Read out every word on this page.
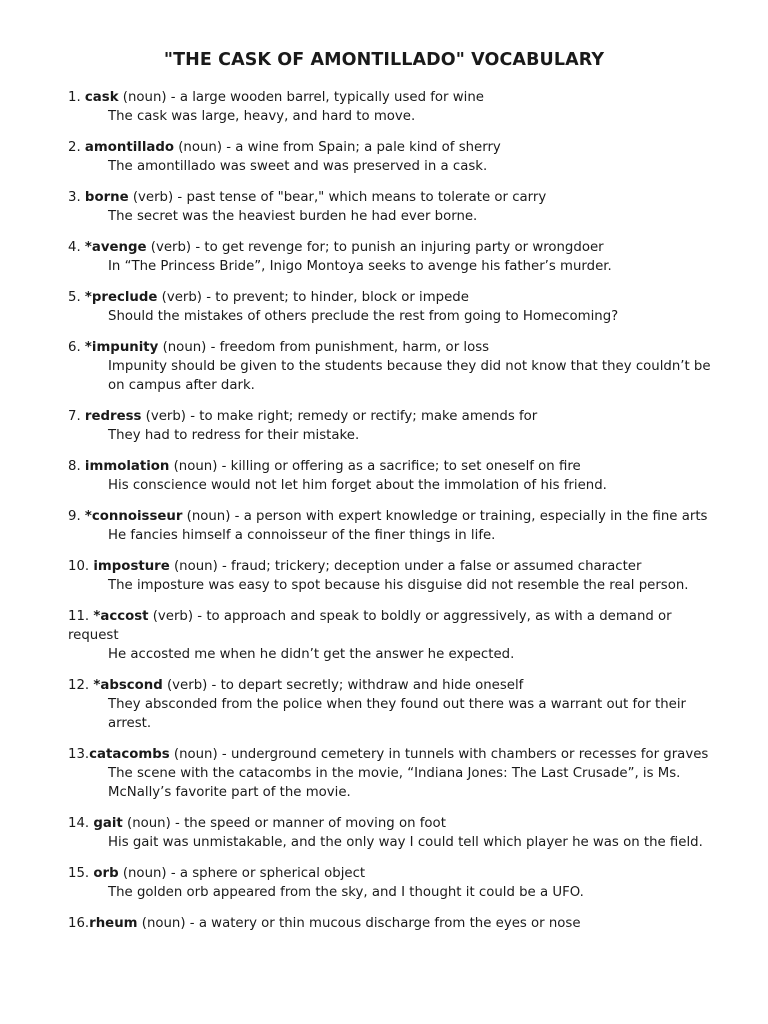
"THE CASK OF AMONTILLADO" VOCABULARY
1. cask (noun) - a large wooden barrel, typically used for wine
The cask was large, heavy, and hard to move.
2. amontillado (noun) - a wine from Spain; a pale kind of sherry
The amontillado was sweet and was preserved in a cask.
3. borne (verb) - past tense of "bear," which means to tolerate or carry
The secret was the heaviest burden he had ever borne.
4. *avenge (verb) - to get revenge for; to punish an injuring party or wrongdoer
In “The Princess Bride”, Inigo Montoya seeks to avenge his father’s murder.
5. *preclude (verb) - to prevent; to hinder, block or impede
Should the mistakes of others preclude the rest from going to Homecoming?
6. *impunity (noun) - freedom from punishment, harm, or loss
Impunity should be given to the students because they did not know that they couldn’t be on campus after dark.
7. redress (verb) - to make right; remedy or rectify; make amends for
They had to redress for their mistake.
8. immolation (noun) - killing or offering as a sacrifice; to set oneself on fire
His conscience would not let him forget about the immolation of his friend.
9. *connoisseur (noun) - a person with expert knowledge or training, especially in the fine arts
He fancies himself a connoisseur of the finer things in life.
10. imposture (noun) - fraud; trickery; deception under a false or assumed character
The imposture was easy to spot because his disguise did not resemble the real person.
11. *accost (verb) - to approach and speak to boldly or aggressively, as with a demand or request
He accosted me when he didn’t get the answer he expected.
12. *abscond (verb) - to depart secretly; withdraw and hide oneself
They absconded from the police when they found out there was a warrant out for their arrest.
13.catacombs (noun) - underground cemetery in tunnels with chambers or recesses for graves
The scene with the catacombs in the movie, “Indiana Jones: The Last Crusade”, is Ms. McNally’s favorite part of the movie.
14. gait (noun) - the speed or manner of moving on foot
His gait was unmistakable, and the only way I could tell which player he was on the field.
15. orb (noun) - a sphere or spherical object
The golden orb appeared from the sky, and I thought it could be a UFO.
16.rheum (noun) - a watery or thin mucous discharge from the eyes or nose
